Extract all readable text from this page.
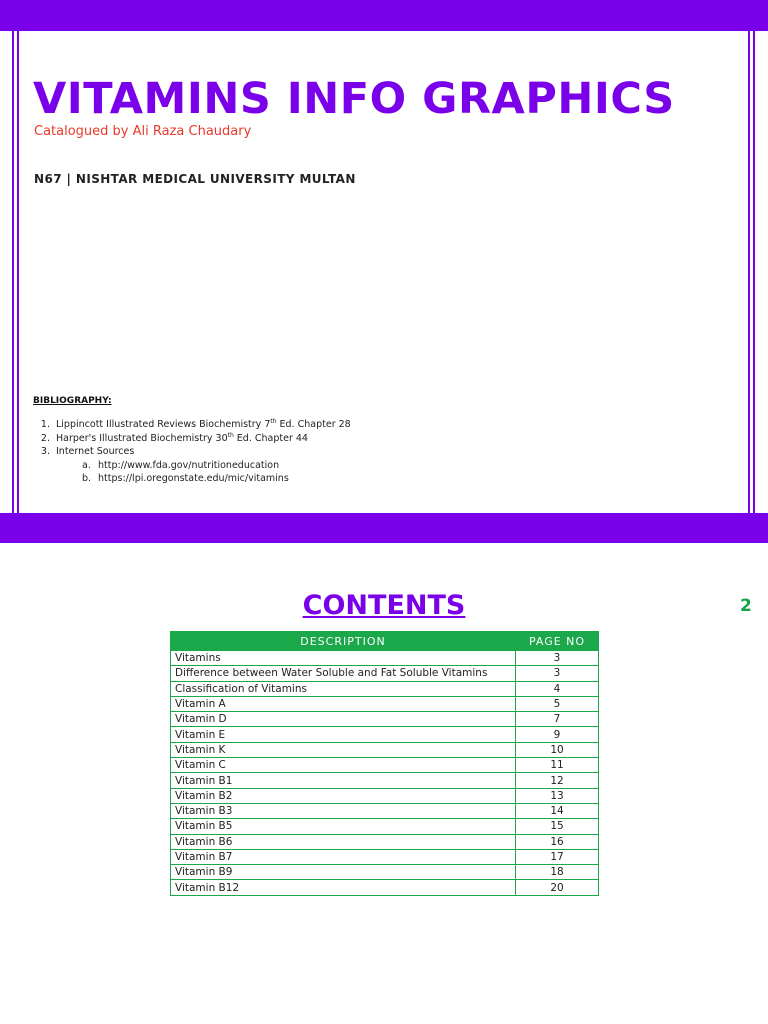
VITAMINS INFO GRAPHICS
Catalogued by Ali Raza Chaudary
N67 | NISHTAR MEDICAL UNIVERSITY MULTAN
BIBLIOGRAPHY:
1. Lippincott Illustrated Reviews Biochemistry 7th Ed. Chapter 28
2. Harper's Illustrated Biochemistry 30th Ed. Chapter 44
3. Internet Sources
a. http://www.fda.gov/nutritioneducation
b. https://lpi.oregonstate.edu/mic/vitamins
CONTENTS	2
DESCRIPTION	PAGE NO
Vitamins	3
Difference between Water Soluble and Fat Soluble Vitamins	3
Classification of Vitamins	4
Vitamin A	5
Vitamin D	7
Vitamin E	9
Vitamin K	10
Vitamin C	11
Vitamin B1	12
Vitamin B2	13
Vitamin B3	14
Vitamin B5	15
Vitamin B6	16
Vitamin B7	17
Vitamin B9	18
Vitamin B12	20
